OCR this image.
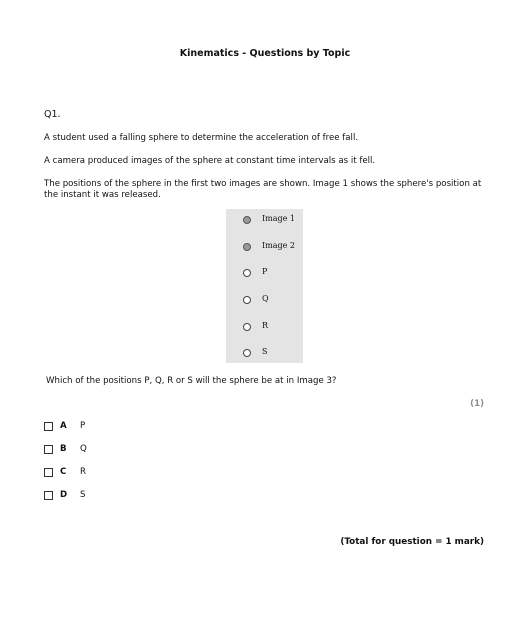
Kinematics - Questions by Topic
Q1.
A student used a falling sphere to determine the acceleration of free fall.
A camera produced images of the sphere at constant time intervals as it fell.
The positions of the sphere in the first two images are shown. Image 1 shows the sphere's position at the instant it was released.
Image 1
Image 2
P
Q
R
S
Which of the positions P, Q, R or S will the sphere be at in Image 3?
(1)
A P
B Q
C R
D S
(Total for question = 1 mark)
